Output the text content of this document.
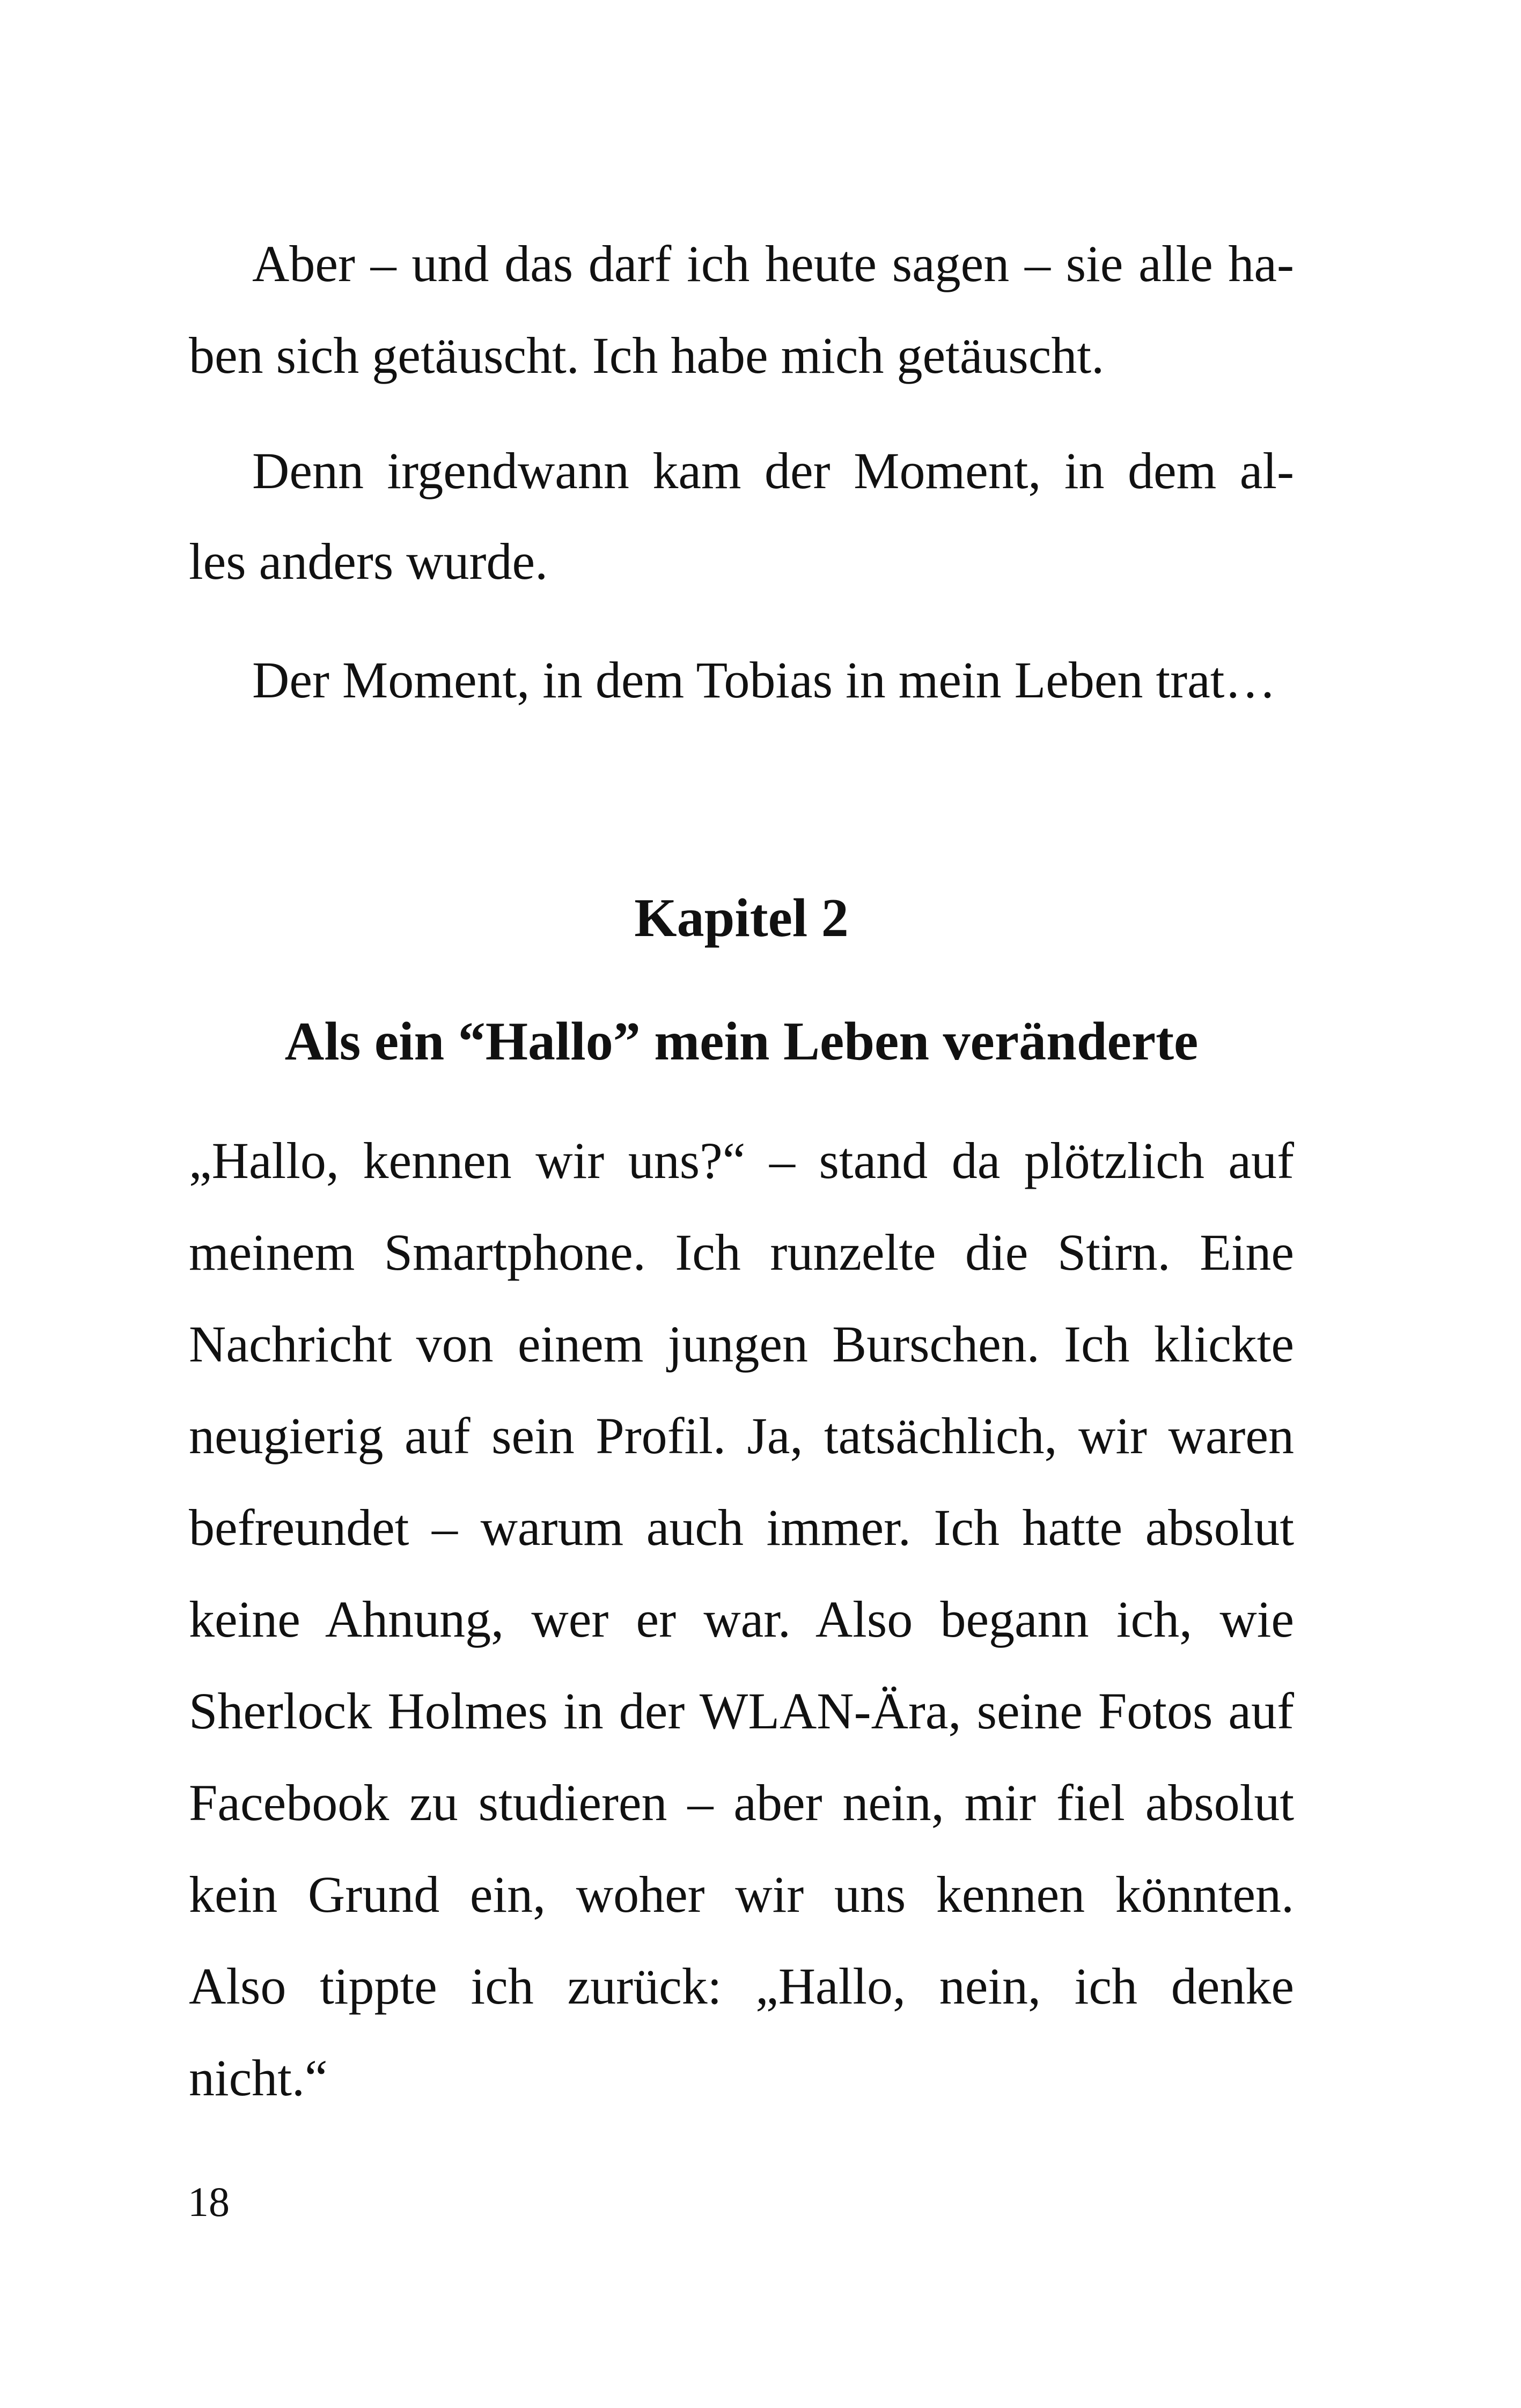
Aber – und das darf ich heute sagen – sie alle ha-

ben sich getäuscht. Ich habe mich getäuscht.

Denn irgendwann kam der Moment, in dem al-

les anders wurde.

Der Moment, in dem Tobias in mein Leben trat…

Kapitel 2
Als ein “Hallo” mein Leben veränderte

„Hallo, kennen wir uns?“ – stand da plötzlich auf

meinem Smartphone. Ich runzelte die Stirn. Eine

Nachricht von einem jungen Burschen. Ich klickte

neugierig auf sein Profil. Ja, tatsächlich, wir waren

befreundet – warum auch immer. Ich hatte absolut

keine Ahnung, wer er war. Also begann ich, wie

Sherlock Holmes in der WLAN-Ära, seine Fotos auf

Facebook zu studieren – aber nein, mir fiel absolut

kein Grund ein, woher wir uns kennen könnten.

Also tippte ich zurück: „Hallo, nein, ich denke

nicht.“

18
